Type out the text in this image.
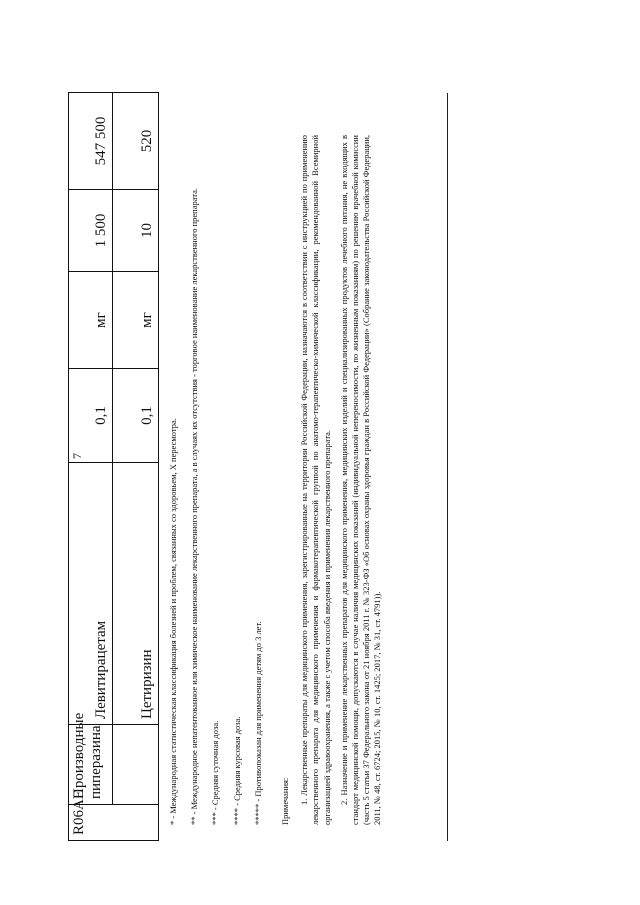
7
R06AE	Производные пиперазина	Левитирацетам	0,1	мг	1 500	547 500
		Цетиризин	0,1	мг	10	520

* - Международная статистическая классификация болезней и проблем, связанных со здоровьем, X пересмотра. ** - Международное непатентованное или химическое наименование лекарственного препарата, а в случаях их отсутствия - торговое наименование лекарственного препарата. *** - Средняя суточная доза. **** - Средняя курсовая доза. ***** - Противопоказан для применения детям до 3 лет. Примечания: 1. Лекарственные препараты для медицинского применения, зарегистрированные на территории Российской Федерации, назначаются в соответствии с инструкцией по применению лекарственного препарата для медицинского применения и фармакотерапевтической группой по анатомо-терапевтическо-химической классификации, рекомендованной Всемирной организацией здравоохранения, а также с учетом способа введения и применения лекарственного препарата. 2. Назначение и применение лекарственных препаратов для медицинского применения, медицинских изделий и специализированных продуктов лечебного питания, не входящих в стандарт медицинской помощи, допускаются в случае наличия медицинских показаний (индивидуальной непереносимости, по жизненным показаниям) по решению врачебной комиссии (часть 5 статьи 37 Федерального закона от 21 ноября 2011 г. № 323-ФЗ «Об основах охраны здоровья граждан в Российской Федерации» (Собрание законодательства Российской Федерации, 2011, № 48, ст. 6724; 2015, № 10, ст. 1425; 2017, № 31, ст. 4791)).
